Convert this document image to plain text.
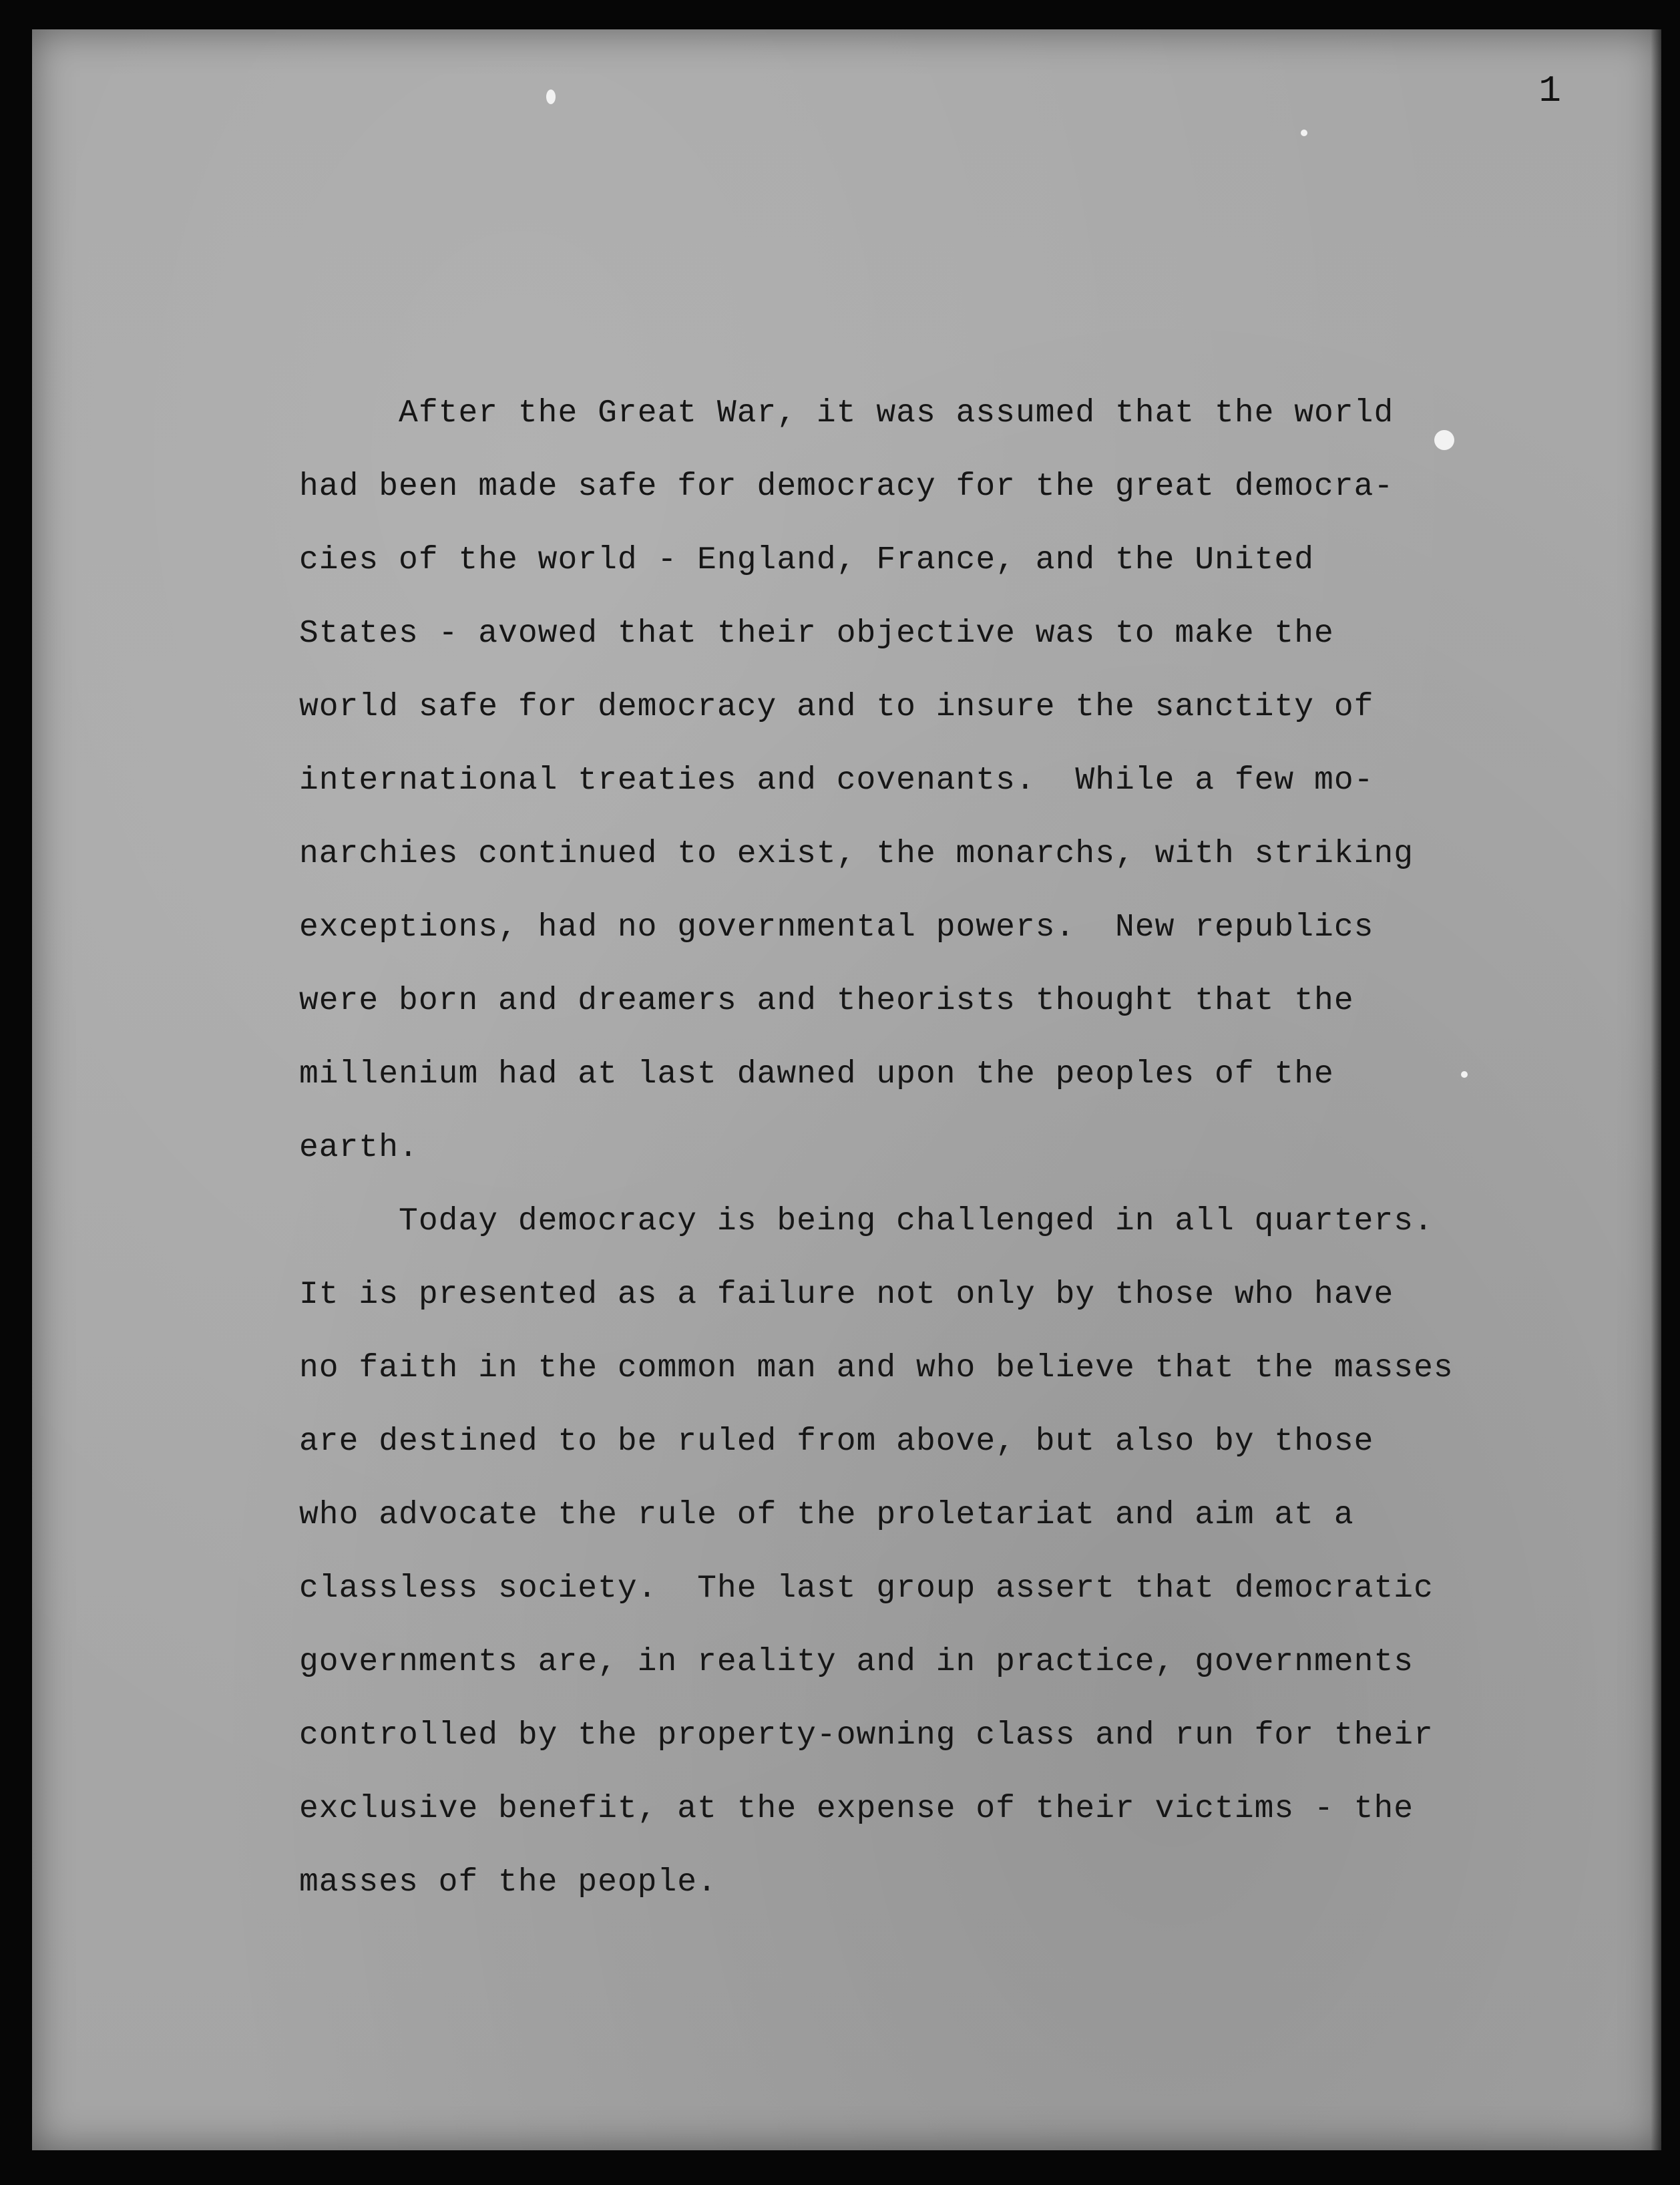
1

After the Great War, it was assumed that the world

had been made safe for democracy for the great democra-

cies of the world - England, France, and the United

States - avowed that their objective was to make the

world safe for democracy and to insure the sanctity of

international treaties and covenants.  While a few mo-

narchies continued to exist, the monarchs, with striking

exceptions, had no governmental powers.  New republics

were born and dreamers and theorists thought that the

millenium had at last dawned upon the peoples of the

earth.

Today democracy is being challenged in all quarters.

It is presented as a failure not only by those who have

no faith in the common man and who believe that the masses

are destined to be ruled from above, but also by those

who advocate the rule of the proletariat and aim at a

classless society.  The last group assert that democratic

governments are, in reality and in practice, governments

controlled by the property-owning class and run for their

exclusive benefit, at the expense of their victims - the

masses of the people.
